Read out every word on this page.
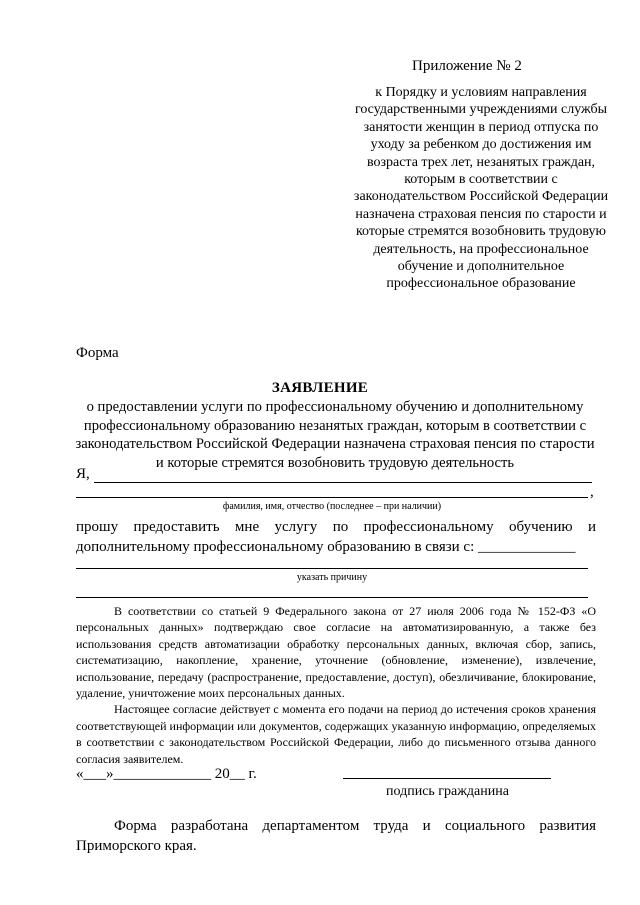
Приложение № 2
к Порядку и условиям направления государственными учреждениями службы занятости женщин в период отпуска по уходу за ребенком до достижения им возраста трех лет, незанятых граждан, которым в соответствии с законодательством Российской Федерации назначена страховая пенсия по старости и которые стремятся возобновить трудовую деятельность, на профессиональное обучение и дополнительное профессиональное образование
Форма
ЗАЯВЛЕНИЕ
о предоставлении услуги по профессиональному обучению и дополнительному профессиональному образованию незанятых граждан, которым в соответствии с законодательством Российской Федерации назначена страховая пенсия по старости и которые стремятся возобновить трудовую деятельность
Я,
,
фамилия, имя, отчество (последнее – при наличии)
прошу предоставить мне услугу по профессиональному обучению и дополнительному профессиональному образованию в связи с: _____________
указать причину

В соответствии со статьей 9 Федерального закона от 27 июля 2006 года № 152-ФЗ «О персональных данных» подтверждаю свое согласие на автоматизированную, а также без использования средств автоматизации обработку персональных данных, включая сбор, запись, систематизацию, накопление, хранение, уточнение (обновление, изменение), извлечение, использование, передачу (распространение, предоставление, доступ), обезличивание, блокирование, удаление, уничтожение моих персональных данных.

Настоящее согласие действует с момента его подачи на период до истечения сроков хранения соответствующей информации или документов, содержащих указанную информацию, определяемых в соответствии с законодательством Российской Федерации, либо до письменного отзыва данного согласия заявителем.

«___»_____________ 20__ г.
подпись гражданина
Форма разработана департаментом труда и социального развития Приморского края.
